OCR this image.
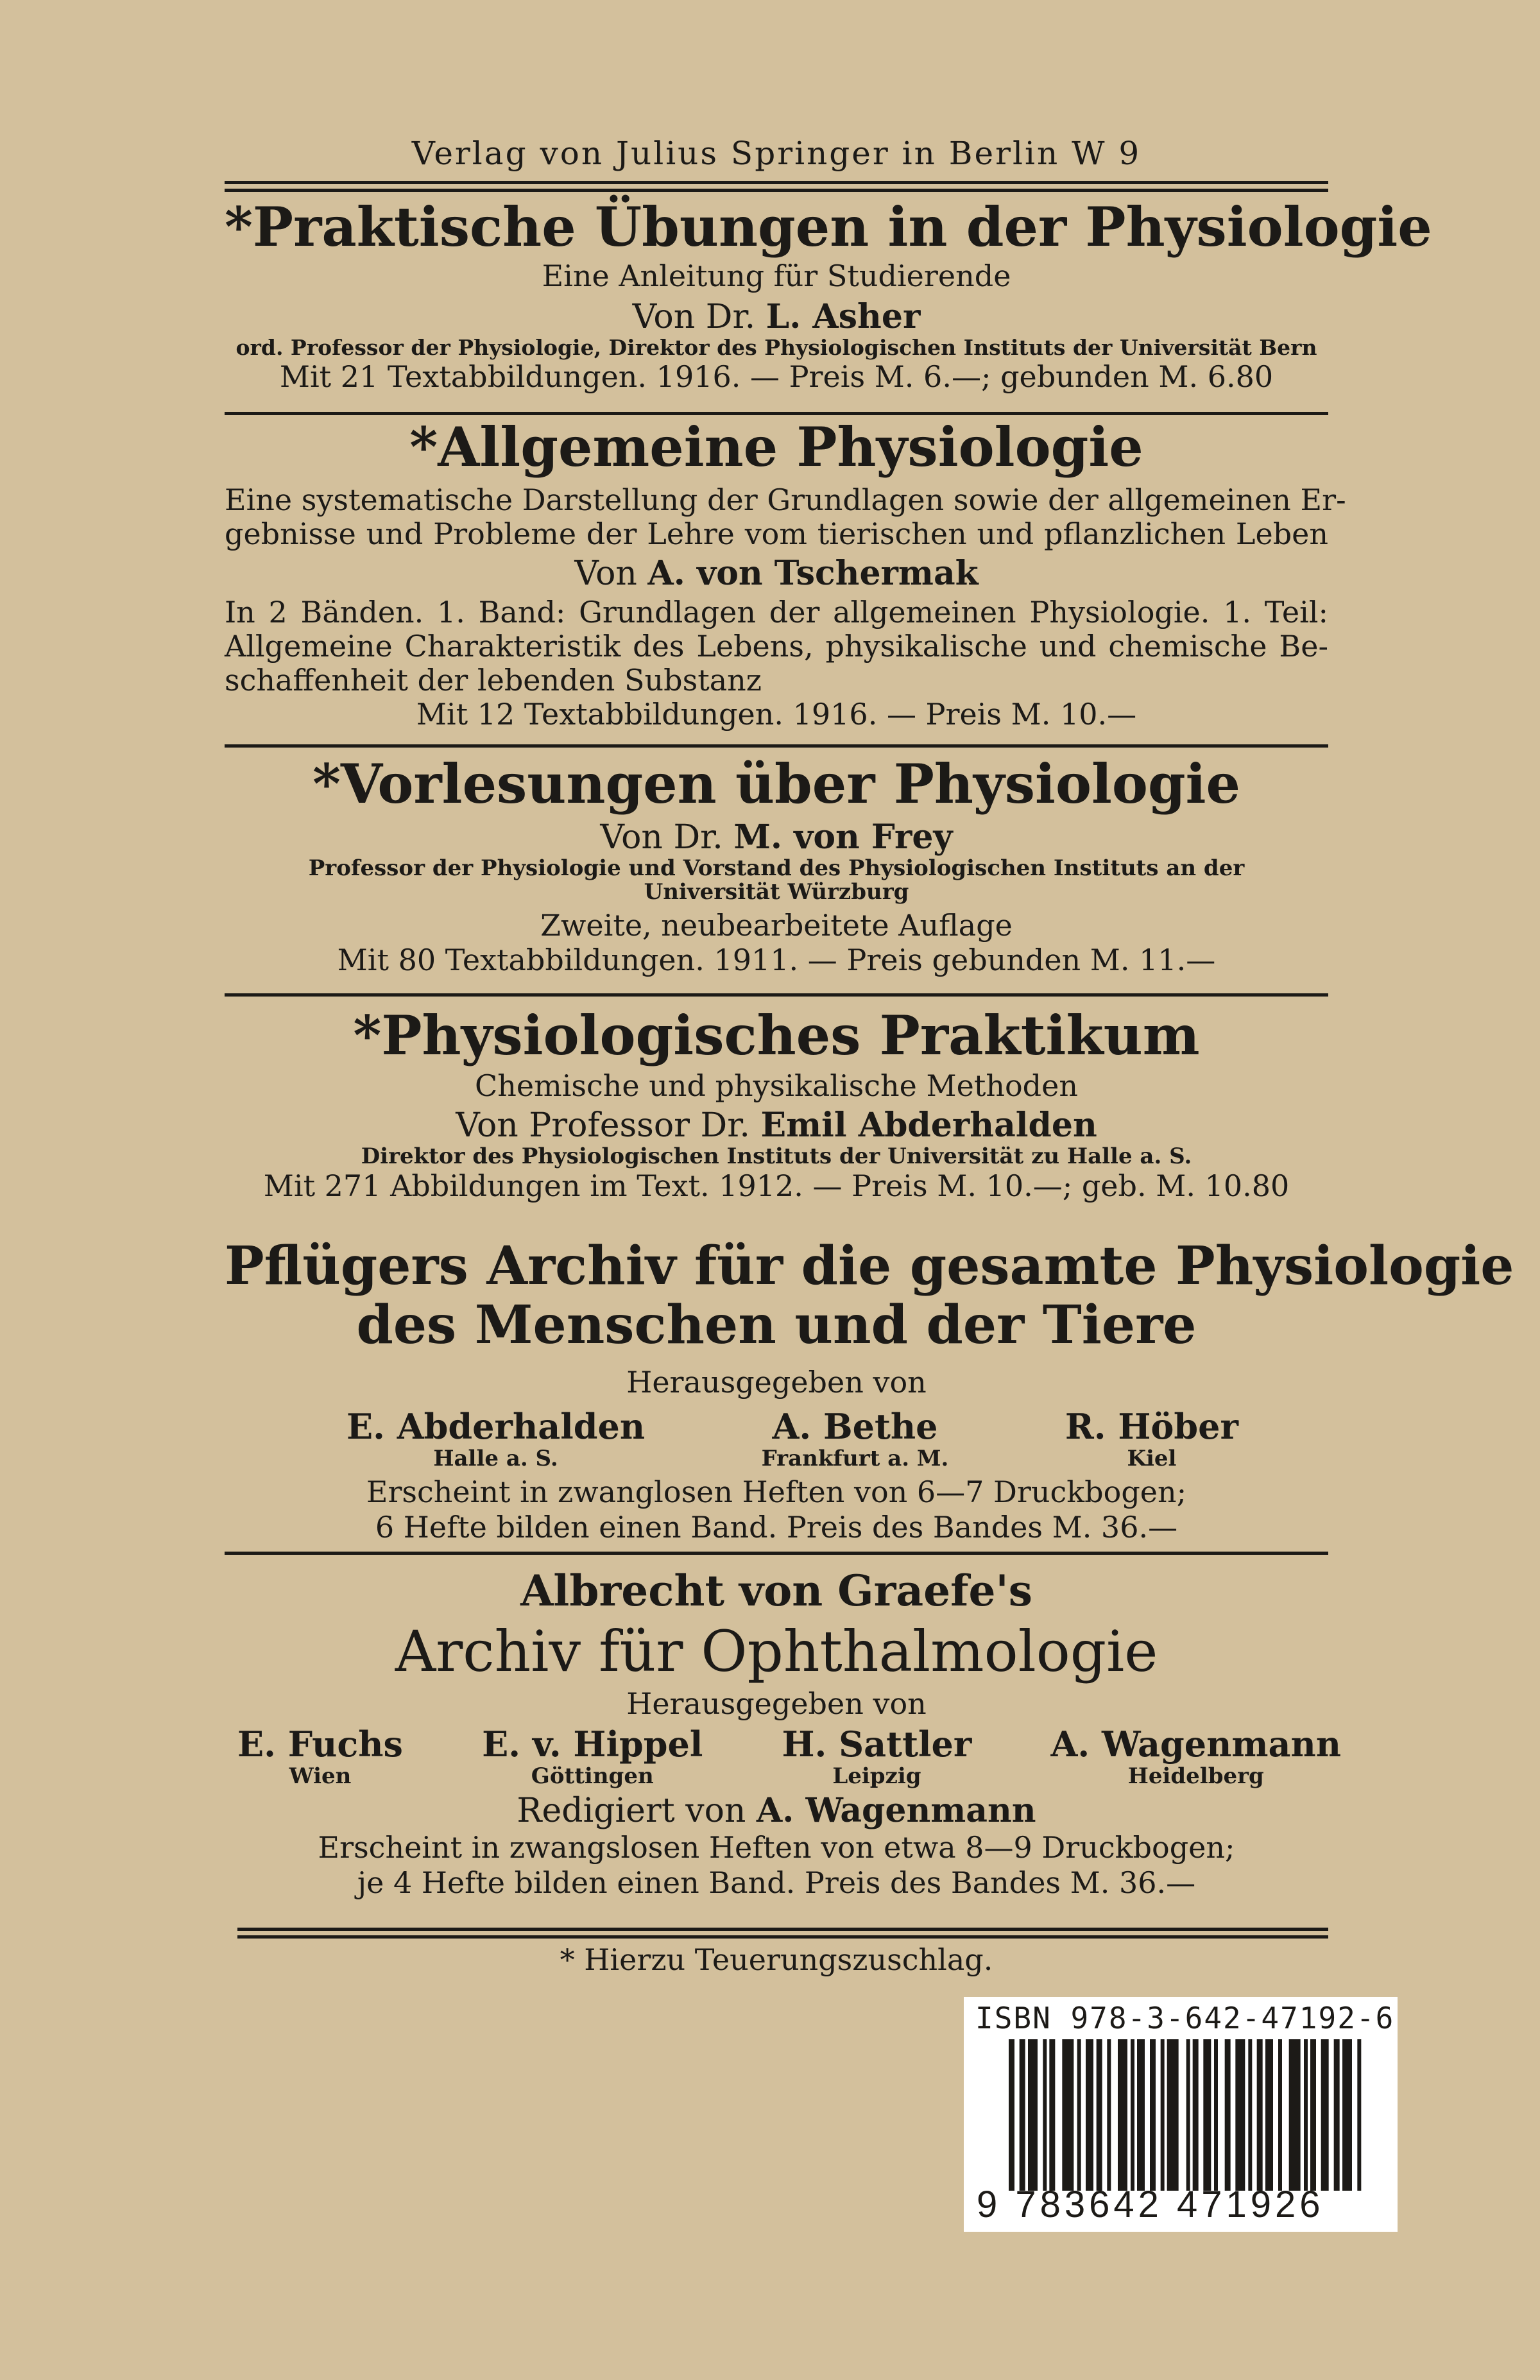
Verlag von Julius Springer in Berlin W 9
*Praktische Übungen in der Physiologie
Eine Anleitung für Studierende
Von Dr. L. Asher
ord. Professor der Physiologie, Direktor des Physiologischen Instituts der Universität Bern
Mit 21 Textabbildungen. 1916. — Preis M. 6.—; gebunden M. 6.80
*Allgemeine Physiologie
Eine systematische Darstellung der Grundlagen sowie der allgemeinen Er-
gebnisse und Probleme der Lehre vom tierischen und pflanzlichen Leben
Von A. von Tschermak
In 2 Bänden. 1. Band: Grundlagen der allgemeinen Physiologie. 1. Teil:
Allgemeine Charakteristik des Lebens, physikalische und chemische Be-
schaffenheit der lebenden Substanz
Mit 12 Textabbildungen. 1916. — Preis M. 10.—
*Vorlesungen über Physiologie
Von Dr. M. von Frey
Professor der Physiologie und Vorstand des Physiologischen Instituts an der
Universität Würzburg
Zweite, neubearbeitete Auflage
Mit 80 Textabbildungen. 1911. — Preis gebunden M. 11.—
*Physiologisches Praktikum
Chemische und physikalische Methoden
Von Professor Dr. Emil Abderhalden
Direktor des Physiologischen Instituts der Universität zu Halle a. S.
Mit 271 Abbildungen im Text. 1912. — Preis M. 10.—; geb. M. 10.80
Pflügers Archiv für die gesamte Physiologie
des Menschen und der Tiere
Herausgegeben von
E. Abderhalden
Halle a. S.
A. Bethe
Frankfurt a. M.
R. Höber
Kiel
Erscheint in zwanglosen Heften von 6—7 Druckbogen;
6 Hefte bilden einen Band. Preis des Bandes M. 36.—
Albrecht von Graefe's
Archiv für Ophthalmologie
Herausgegeben von
E. Fuchs
Wien
E. v. Hippel
Göttingen
H. Sattler
Leipzig
A. Wagenmann
Heidelberg
Redigiert von A. Wagenmann
Erscheint in zwangslosen Heften von etwa 8—9 Druckbogen;
je 4 Hefte bilden einen Band. Preis des Bandes M. 36.—
* Hierzu Teuerungszuschlag.
ISBN 978-3-642-47192-6
9 783642 471926
